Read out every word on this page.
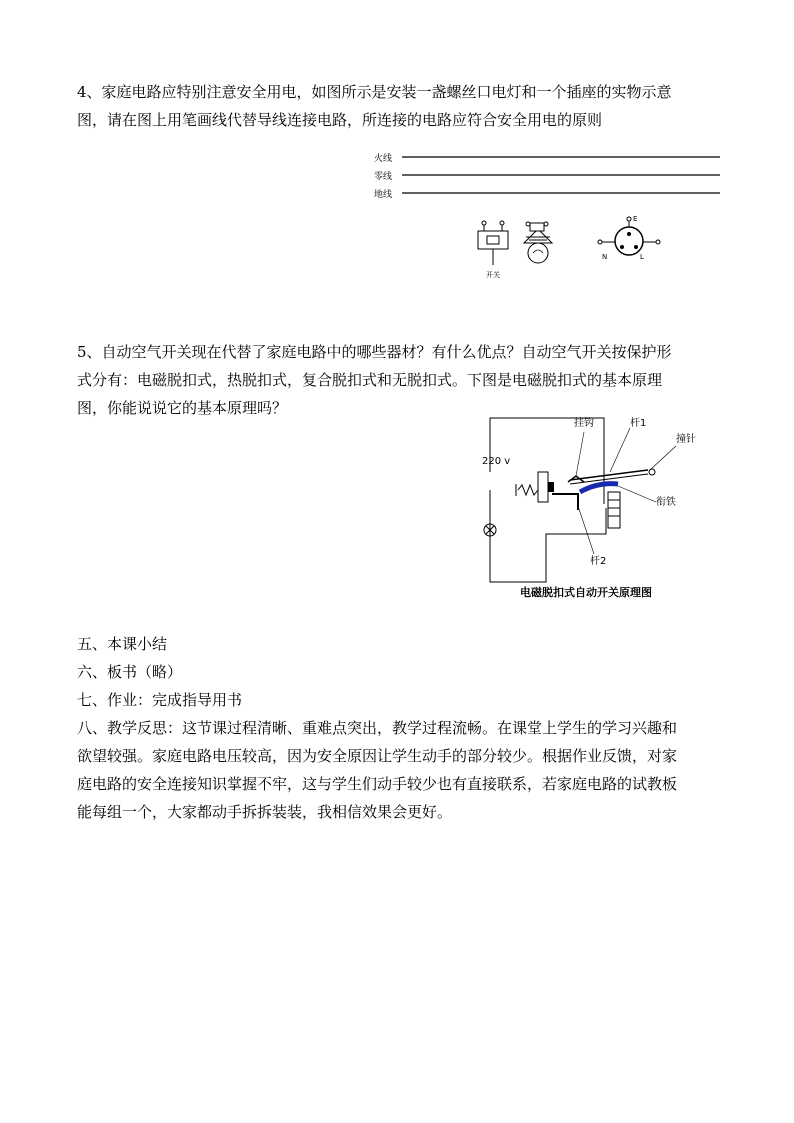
4、家庭电路应特别注意安全用电，如图所示是安装一盏螺丝口电灯和一个插座的实物示意
图，请在图上用笔画线代替导线连接电路，所连接的电路应符合安全用电的原则
火线
零线
地线
开关
E
N	L
5、自动空气开关现在代替了家庭电路中的哪些器材？有什么优点？自动空气开关按保护形
式分有：电磁脱扣式，热脱扣式，复合脱扣式和无脱扣式。下图是电磁脱扣式的基本原理
图，你能说说它的基本原理吗？
220 v
挂钩	杆1
撞针
衔铁
杆2
电磁脱扣式自动开关原理图
五、本课小结
六、板书（略）
七、作业：完成指导用书
八、教学反思：这节课过程清晰、重难点突出，教学过程流畅。在课堂上学生的学习兴趣和
欲望较强。家庭电路电压较高，因为安全原因让学生动手的部分较少。根据作业反馈，对家
庭电路的安全连接知识掌握不牢，这与学生们动手较少也有直接联系，若家庭电路的试教板
能每组一个，大家都动手拆拆装装，我相信效果会更好。
